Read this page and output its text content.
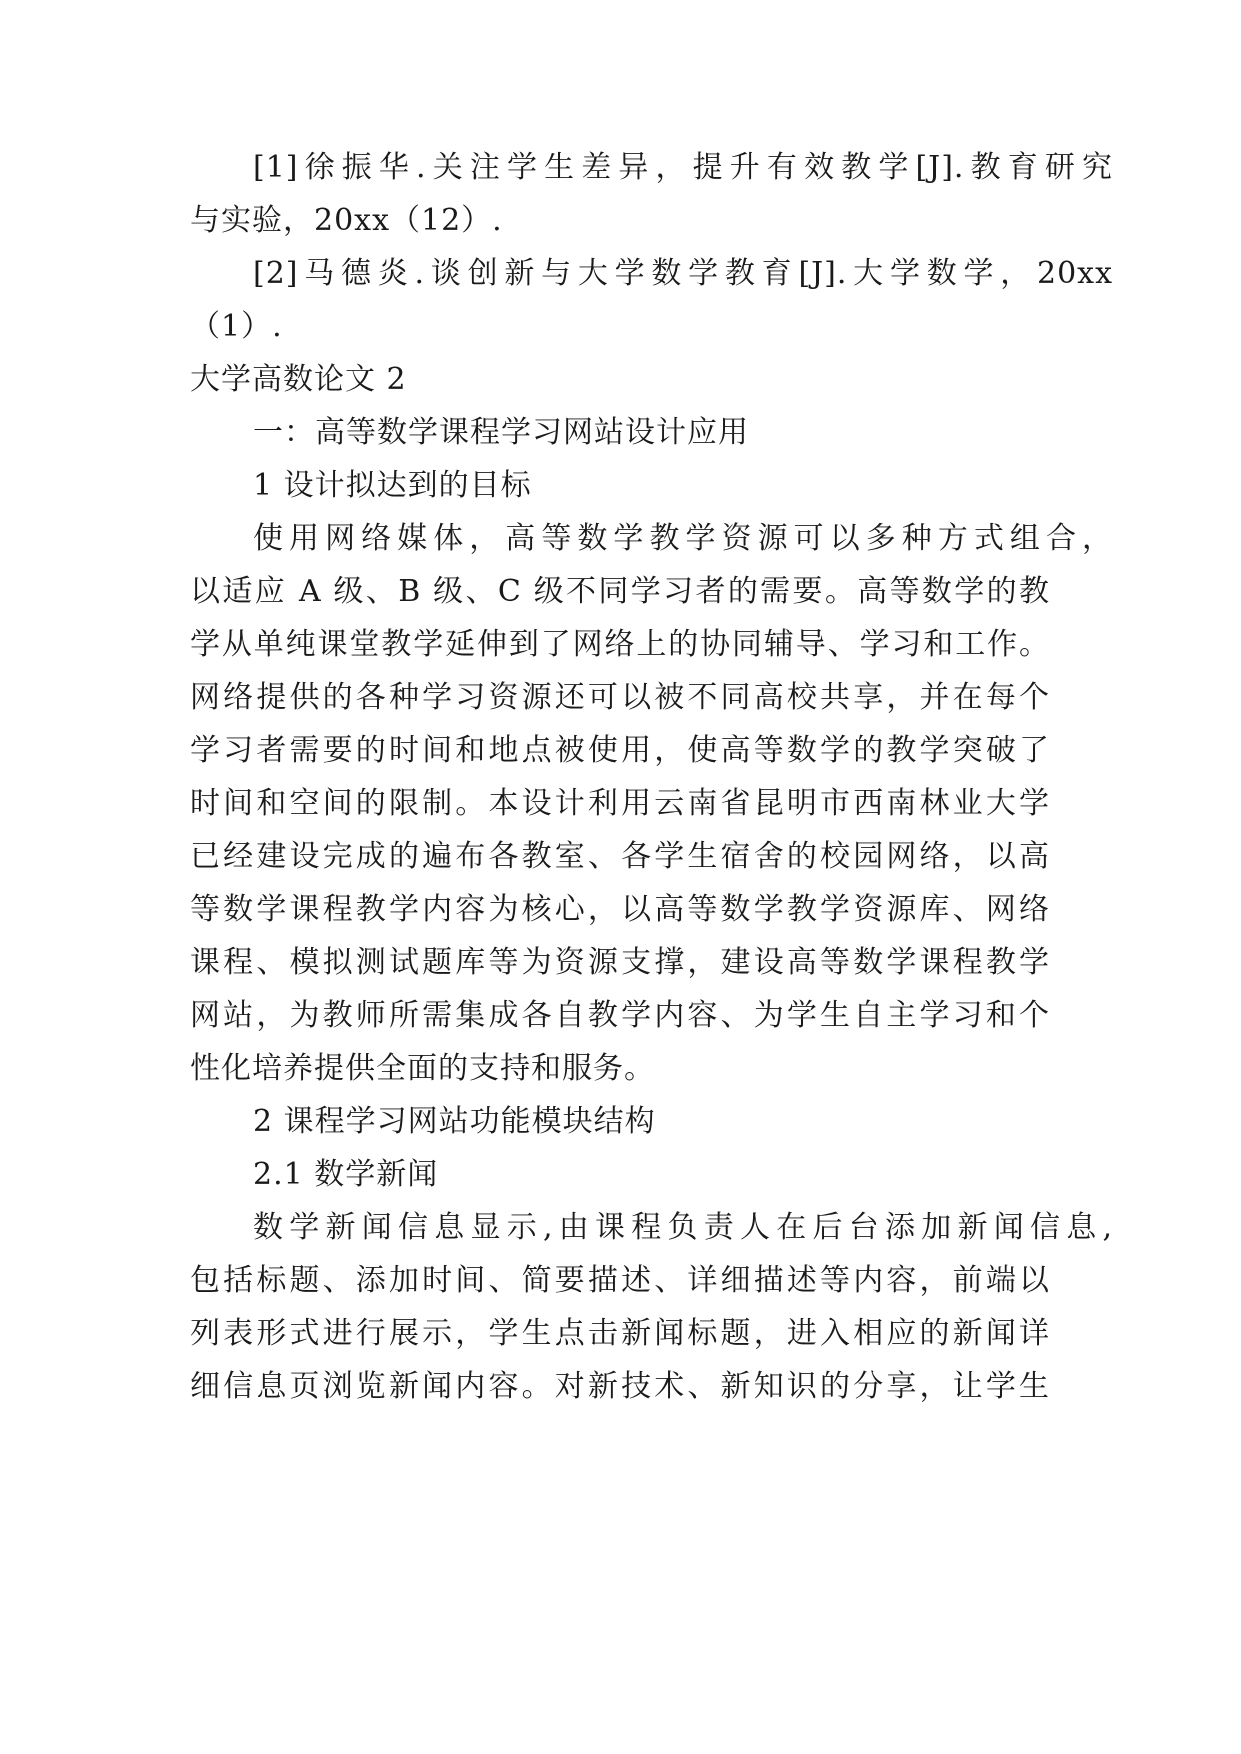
[1]徐振华.关注学生差异，提升有效教学[J].教育研究
与实验，20xx（12）.
[2]马德炎.谈创新与大学数学教育[J].大学数学，20xx
（1）.
大学高数论文 2
一：高等数学课程学习网站设计应用
1 设计拟达到的目标
使用网络媒体，高等数学教学资源可以多种方式组合，
以适应 A 级、B 级、C 级不同学习者的需要。高等数学的教
学从单纯课堂教学延伸到了网络上的协同辅导、学习和工作。
网络提供的各种学习资源还可以被不同高校共享，并在每个
学习者需要的时间和地点被使用，使高等数学的教学突破了
时间和空间的限制。本设计利用云南省昆明市西南林业大学
已经建设完成的遍布各教室、各学生宿舍的校园网络，以高
等数学课程教学内容为核心，以高等数学教学资源库、网络
课程、模拟测试题库等为资源支撑，建设高等数学课程教学
网站，为教师所需集成各自教学内容、为学生自主学习和个
性化培养提供全面的支持和服务。
2 课程学习网站功能模块结构
2.1 数学新闻
数学新闻信息显示,由课程负责人在后台添加新闻信息,
包括标题、添加时间、简要描述、详细描述等内容，前端以
列表形式进行展示，学生点击新闻标题，进入相应的新闻详
细信息页浏览新闻内容。对新技术、新知识的分享，让学生
